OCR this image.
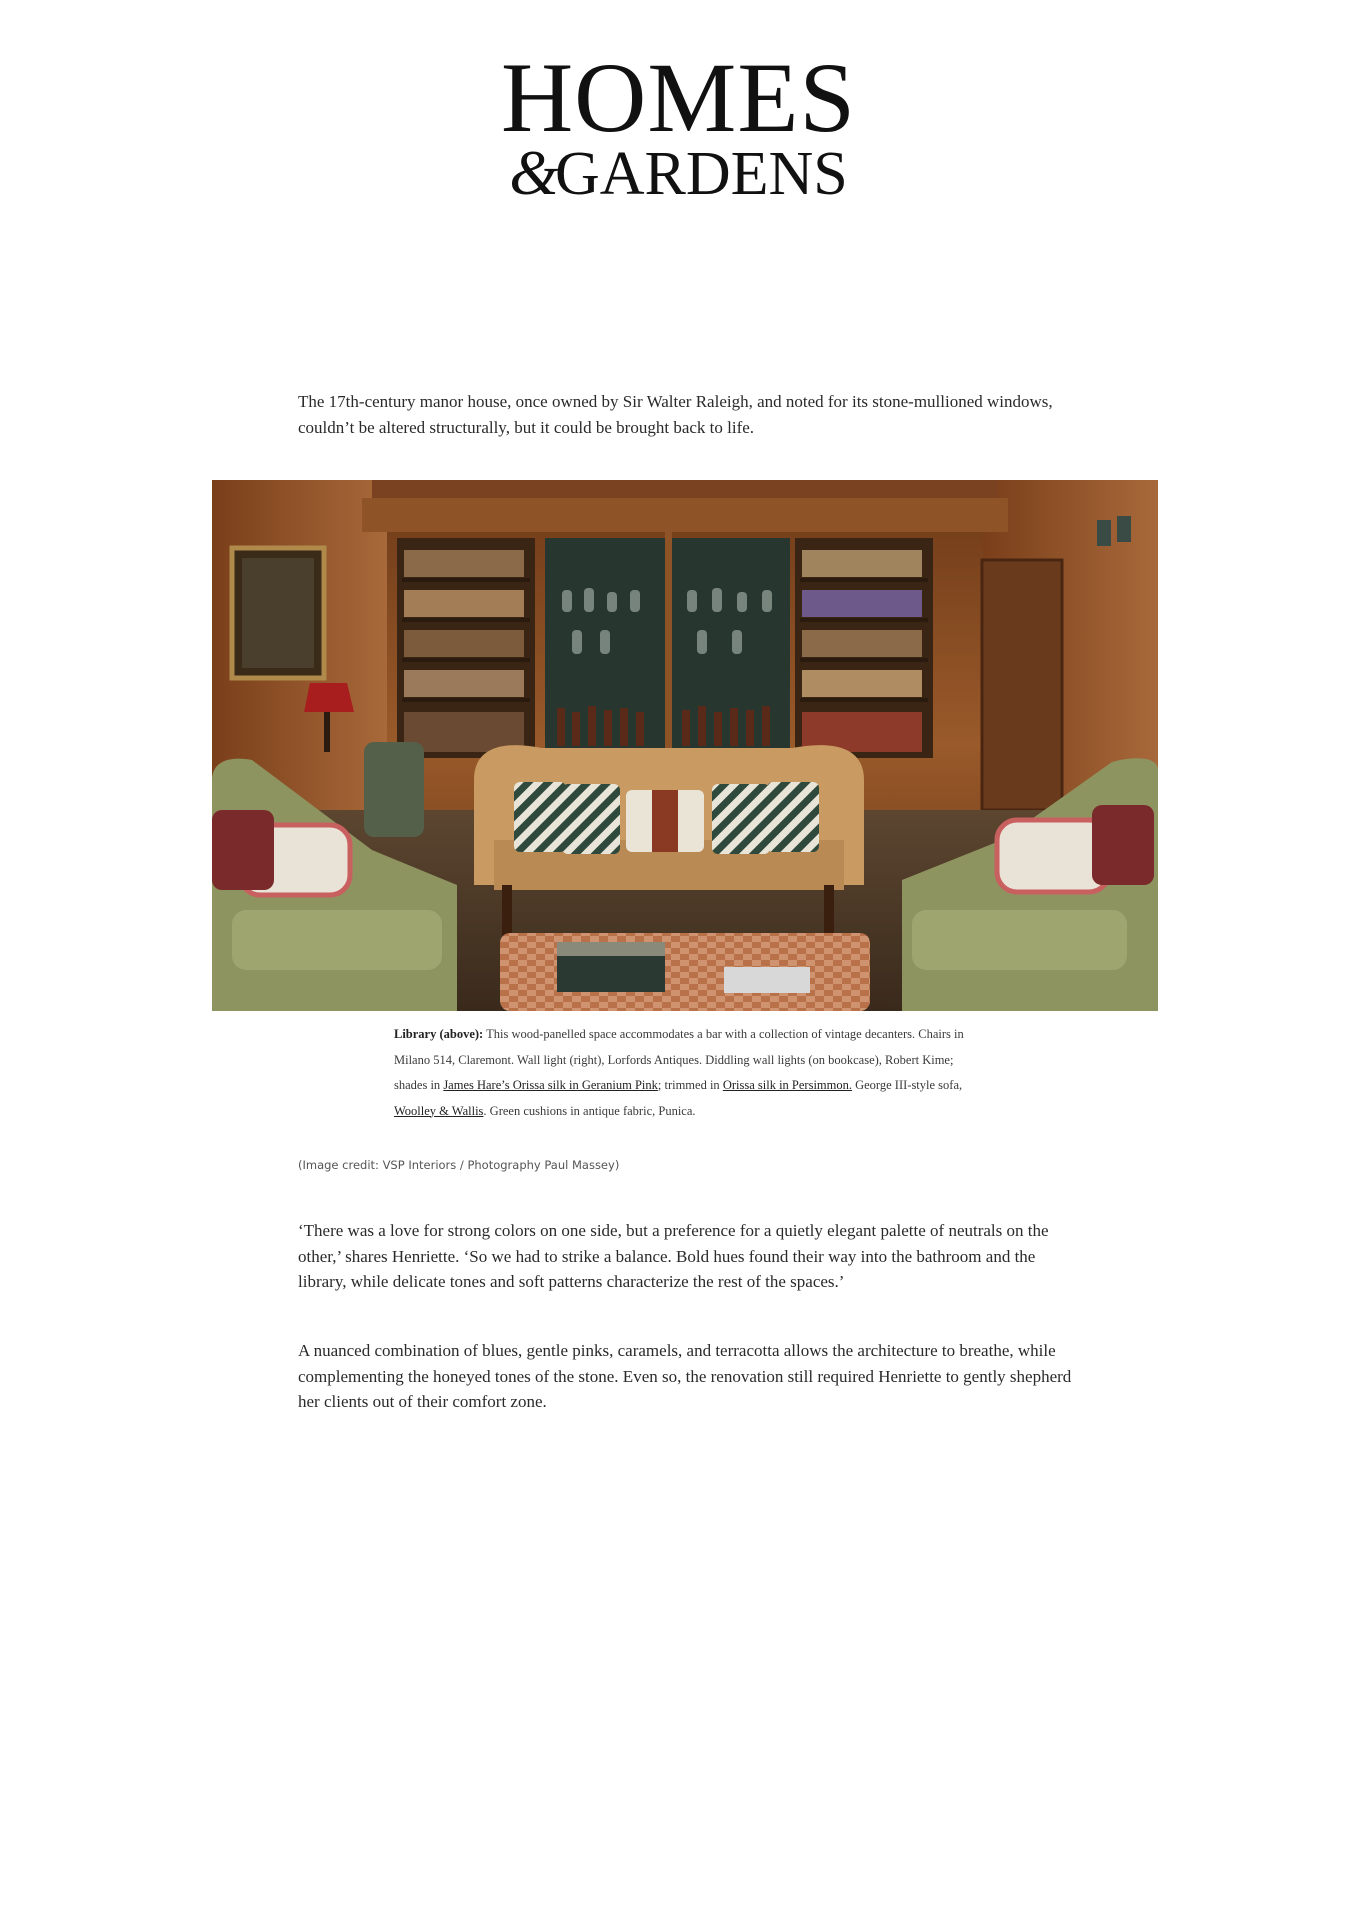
HOMES
&GARDENS

The 17th-century manor house, once owned by Sir Walter Raleigh, and noted for its stone-mullioned windows, couldn’t be altered structurally, but it could be brought back to life.

Library (above): This wood-panelled space accommodates a bar with a collection of vintage decanters. Chairs in Milano 514, Claremont. Wall light (right), Lorfords Antiques. Diddling wall lights (on bookcase), Robert Kime; shades in James Hare’s Orissa silk in Geranium Pink; trimmed in Orissa silk in Persimmon. George III-style sofa, Woolley & Wallis. Green cushions in antique fabric, Punica.

(Image credit: VSP Interiors / Photography Paul Massey)

‘There was a love for strong colors on one side, but a preference for a quietly elegant palette of neutrals on the other,’ shares Henriette. ‘So we had to strike a balance. Bold hues found their way into the bathroom and the library, while delicate tones and soft patterns characterize the rest of the spaces.’

A nuanced combination of blues, gentle pinks, caramels, and terracotta allows the architecture to breathe, while complementing the honeyed tones of the stone. Even so, the renovation still required Henriette to gently shepherd her clients out of their comfort zone.
